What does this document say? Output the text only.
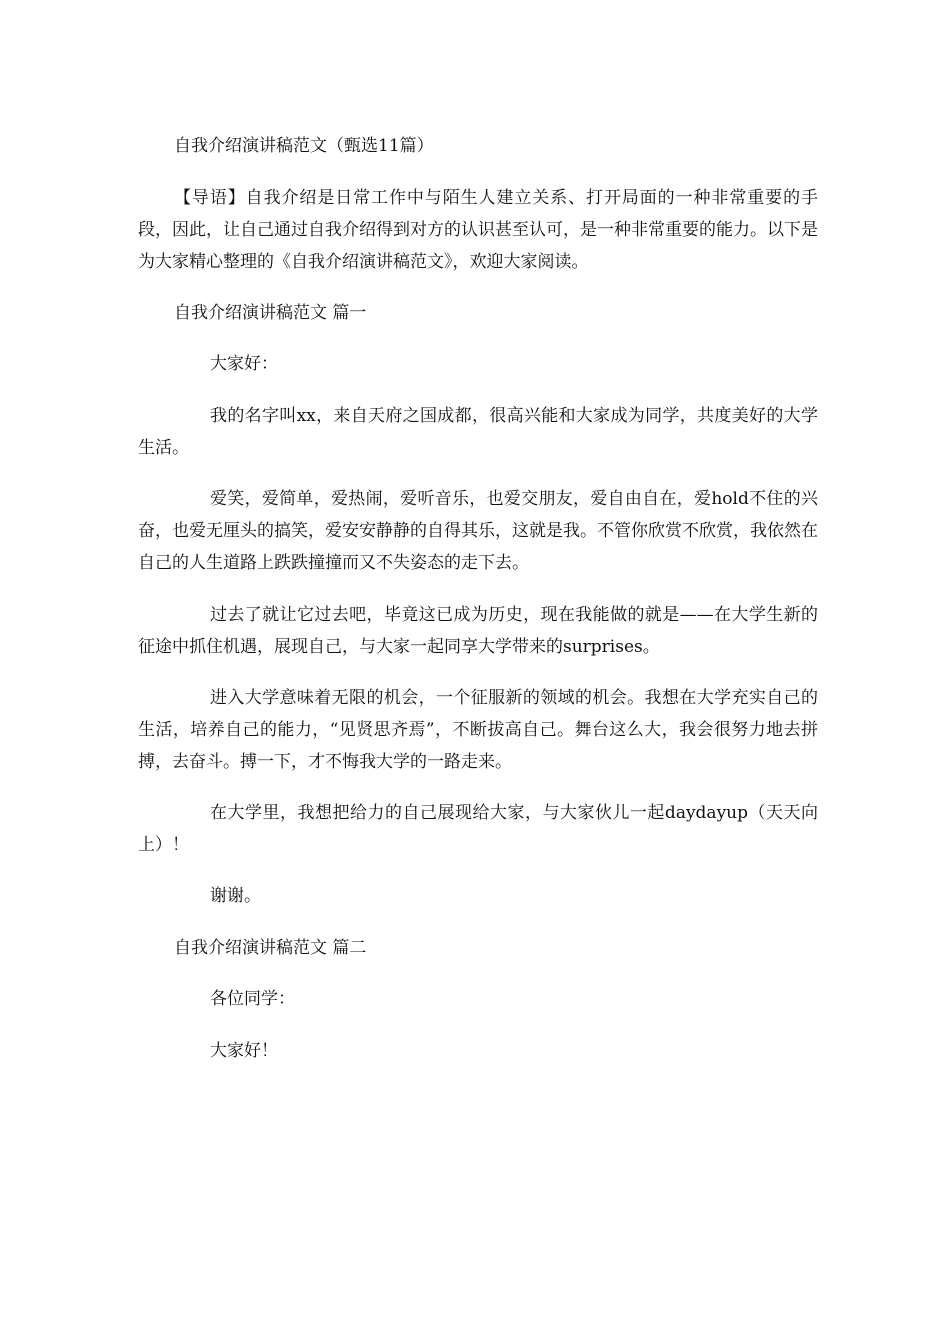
自我介绍演讲稿范文（甄选11篇）

【导语】自我介绍是日常工作中与陌生人建立关系、打开局面的一种非常重要的手段，因此，让自己通过自我介绍得到对方的认识甚至认可，是一种非常重要的能力。以下是为大家精心整理的《自我介绍演讲稿范文》，欢迎大家阅读。

自我介绍演讲稿范文 篇一

大家好：

我的名字叫xx，来自天府之国成都，很高兴能和大家成为同学，共度美好的大学生活。

爱笑，爱简单，爱热闹，爱听音乐，也爱交朋友，爱自由自在，爱hold不住的兴奋，也爱无厘头的搞笑，爱安安静静的自得其乐，这就是我。不管你欣赏不欣赏，我依然在自己的人生道路上跌跌撞撞而又不失姿态的走下去。

过去了就让它过去吧，毕竟这已成为历史，现在我能做的就是——在大学生新的征途中抓住机遇，展现自己，与大家一起同享大学带来的surprises。

进入大学意味着无限的机会，一个征服新的领域的机会。我想在大学充实自己的生活，培养自己的能力，“见贤思齐焉”，不断拔高自己。舞台这么大，我会很努力地去拼搏，去奋斗。搏一下，才不悔我大学的一路走来。

在大学里，我想把给力的自己展现给大家，与大家伙儿一起daydayup（天天向上）！

谢谢。

自我介绍演讲稿范文 篇二

各位同学：

大家好！
